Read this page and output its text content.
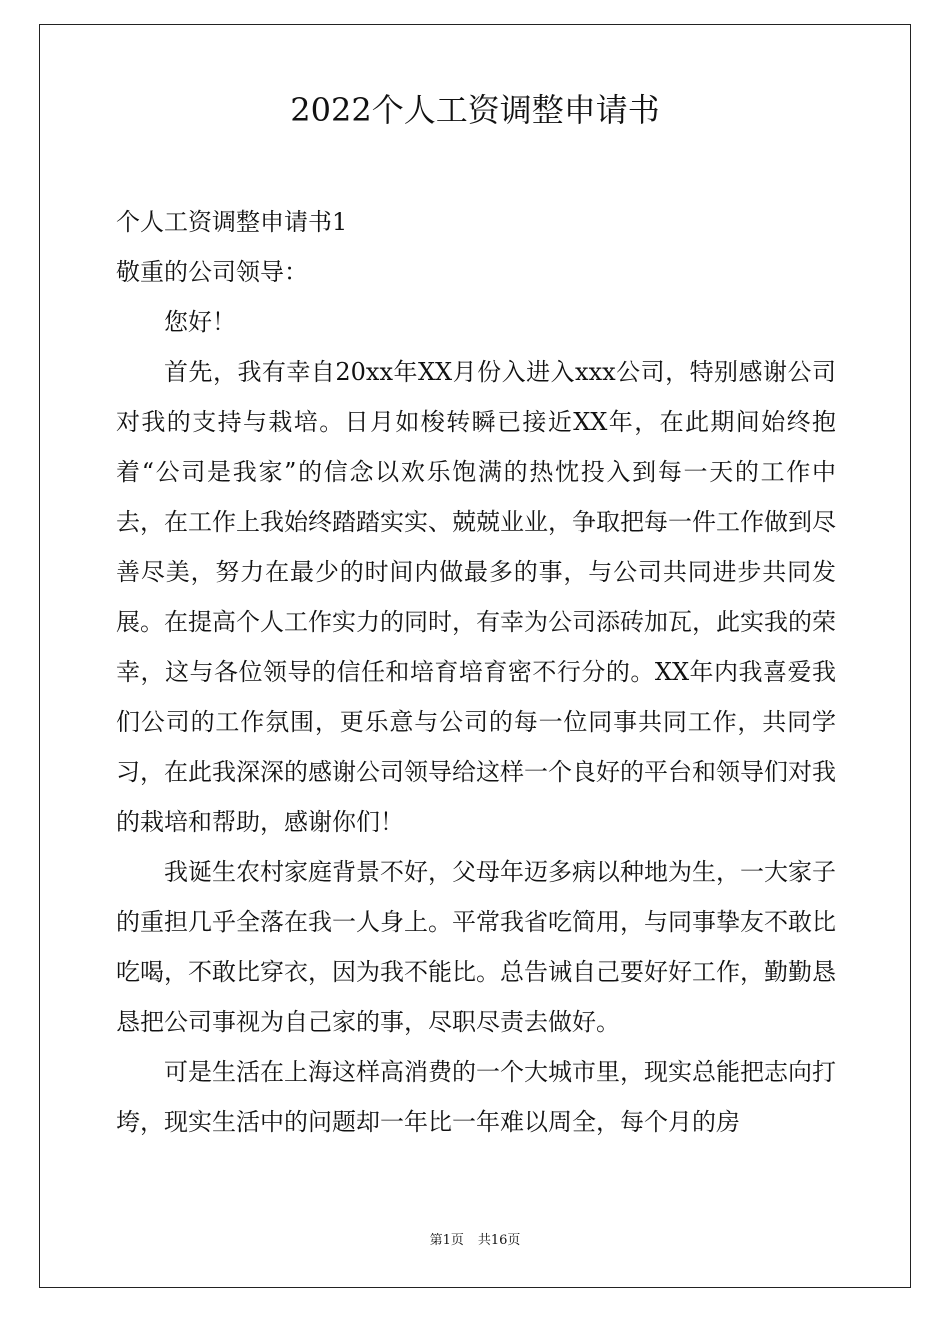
2022个人工资调整申请书

个人工资调整申请书1

敬重的公司领导：

您好！

首先，我有幸自20xx年XX月份入进入xxx公司，特别感谢公司对我的支持与栽培。日月如梭转瞬已接近XX年，在此期间始终抱着“公司是我家”的信念以欢乐饱满的热忱投入到每一天的工作中去，在工作上我始终踏踏实实、兢兢业业，争取把每一件工作做到尽善尽美，努力在最少的时间内做最多的事，与公司共同进步共同发展。在提高个人工作实力的同时，有幸为公司添砖加瓦，此实我的荣幸，这与各位领导的信任和培育培育密不行分的。XX年内我喜爱我们公司的工作氛围，更乐意与公司的每一位同事共同工作，共同学习，在此我深深的感谢公司领导给这样一个良好的平台和领导们对我的栽培和帮助，感谢你们！

我诞生农村家庭背景不好，父母年迈多病以种地为生，一大家子的重担几乎全落在我一人身上。平常我省吃简用，与同事挚友不敢比吃喝，不敢比穿衣，因为我不能比。总告诫自己要好好工作，勤勤恳恳把公司事视为自己家的事，尽职尽责去做好。

可是生活在上海这样高消费的一个大城市里，现实总能把志向打垮，现实生活中的问题却一年比一年难以周全，每个月的房

第1页 共16页
